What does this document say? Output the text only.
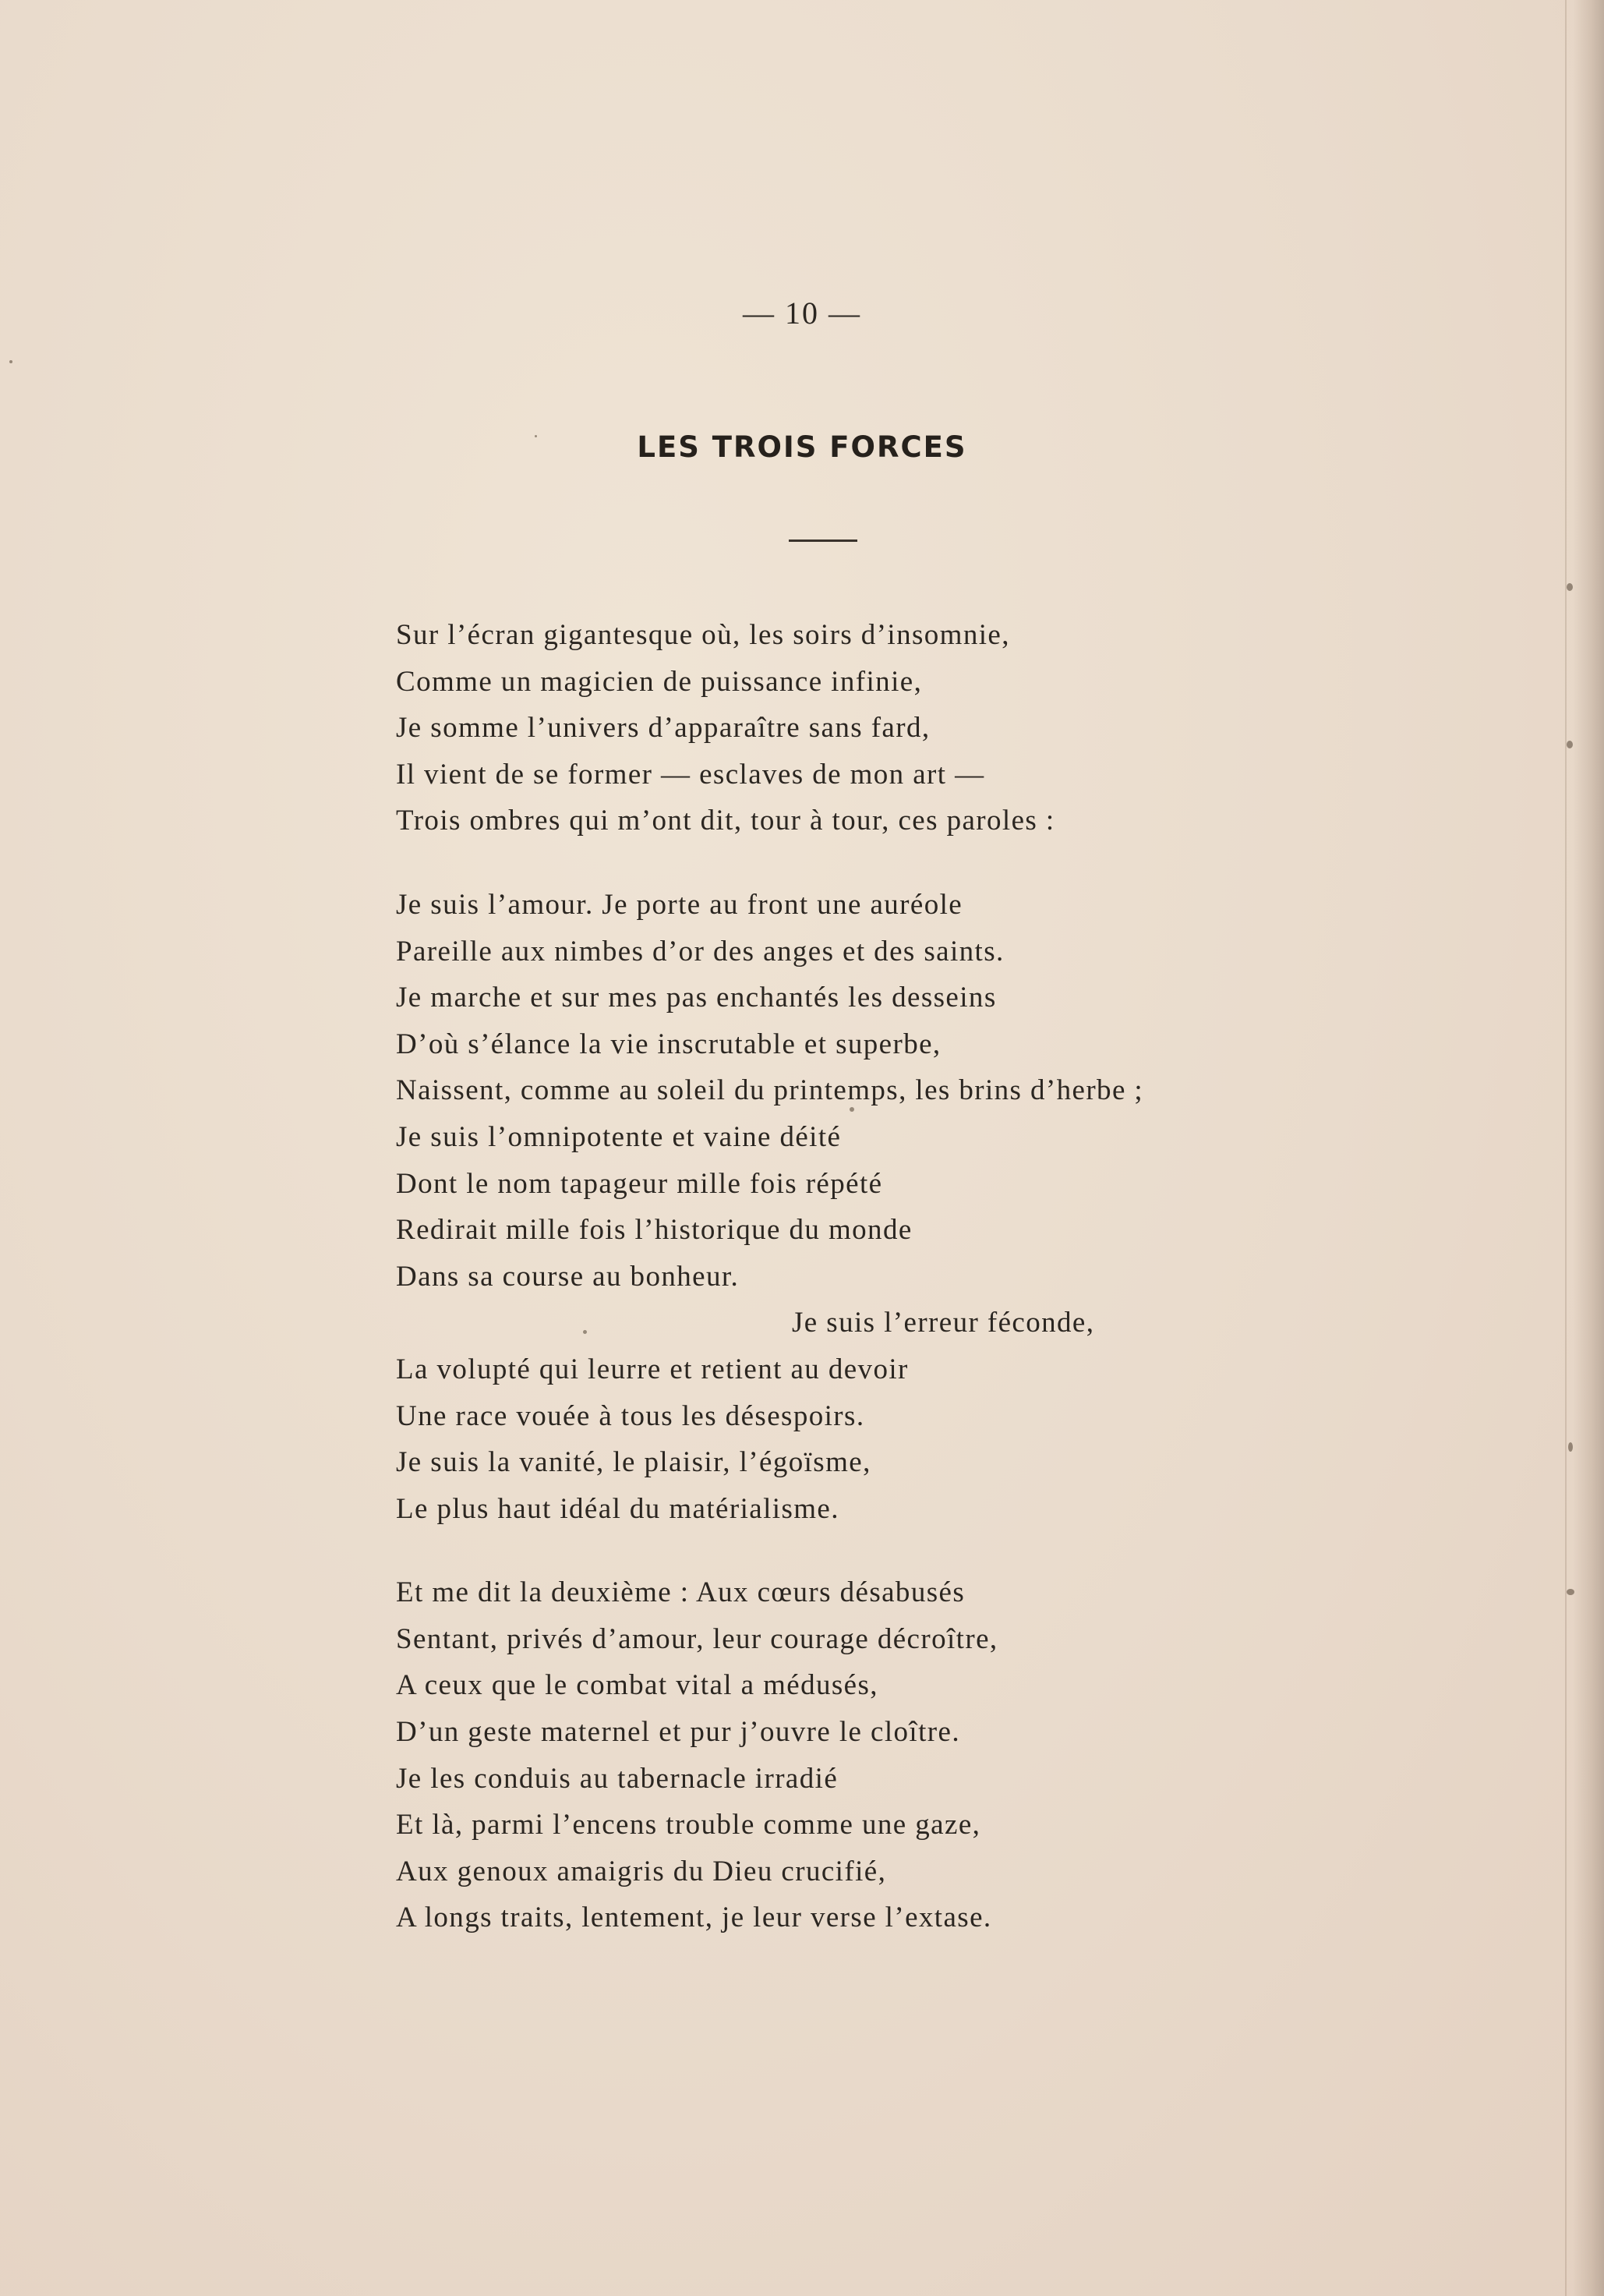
— 10 —
LES TROIS FORCES
Sur l’écran gigantesque où, les soirs d’insomnie,
Comme un magicien de puissance infinie,
Je somme l’univers d’apparaître sans fard,
Il vient de se former — esclaves de mon art —
Trois ombres qui m’ont dit, tour à tour, ces paroles :
Je suis l’amour. Je porte au front une auréole
Pareille aux nimbes d’or des anges et des saints.
Je marche et sur mes pas enchantés les desseins
D’où s’élance la vie inscrutable et superbe,
Naissent, comme au soleil du printemps, les brins d’herbe ;
Je suis l’omnipotente et vaine déité
Dont le nom tapageur mille fois répété
Redirait mille fois l’historique du monde
Dans sa course au bonheur.
Je suis l’erreur féconde,
La volupté qui leurre et retient au devoir
Une race vouée à tous les désespoirs.
Je suis la vanité, le plaisir, l’égoïsme,
Le plus haut idéal du matérialisme.
Et me dit la deuxième : Aux cœurs désabusés
Sentant, privés d’amour, leur courage décroître,
A ceux que le combat vital a médusés,
D’un geste maternel et pur j’ouvre le cloître.
Je les conduis au tabernacle irradié
Et là, parmi l’encens trouble comme une gaze,
Aux genoux amaigris du Dieu crucifié,
A longs traits, lentement, je leur verse l’extase.
